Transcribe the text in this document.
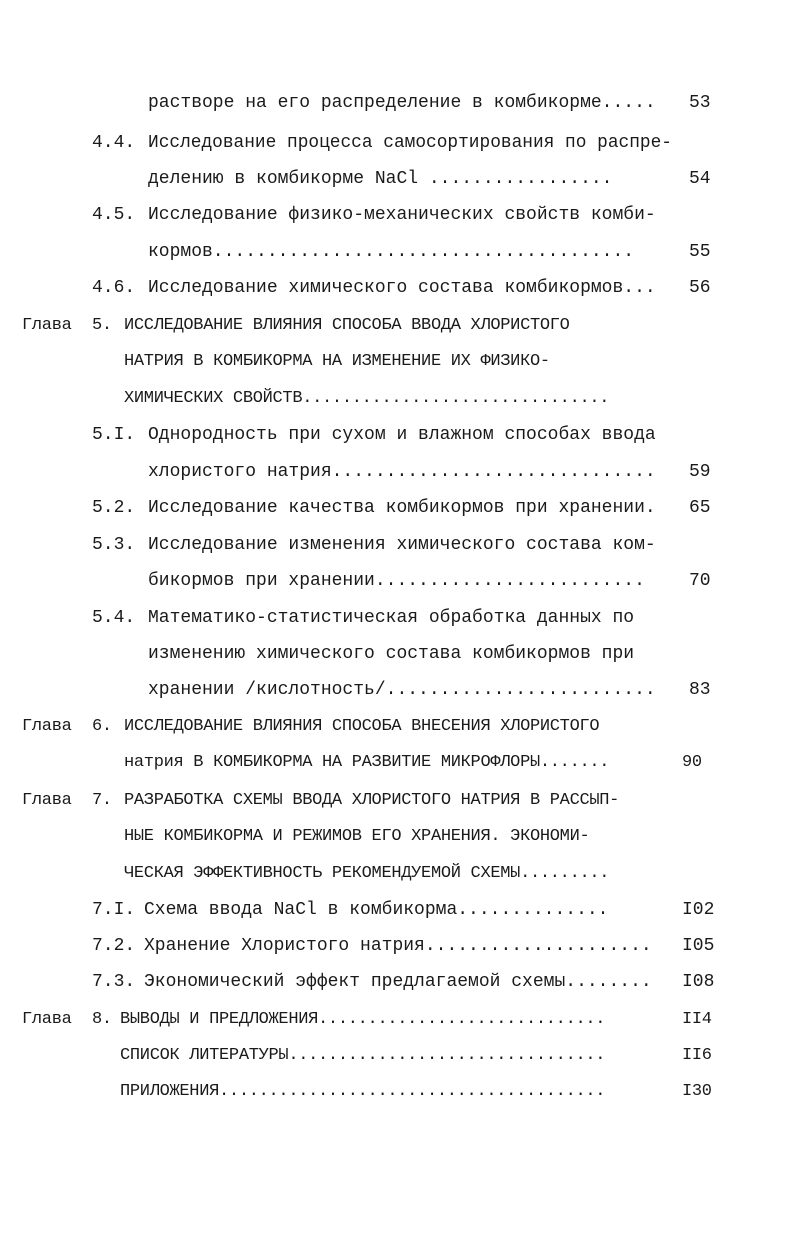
растворе на его распределение в комбикорме..... 53
4.4. Исследование процесса самосортирования по распре-
делению в комбикорме NaCl .................	54
4.5. Исследование физико-механических свойств комби-
кормов.......................................	55
4.6. Исследование химического состава комбикормов... 56
Глава 5. ИССЛЕДОВАНИЕ ВЛИЯНИЯ СПОСОБА ВВОДА ХЛОРИСТОГО
НАТРИЯ В КОМБИКОРМА НА ИЗМЕНЕНИЕ ИХ ФИЗИКО-
ХИМИЧЕСКИХ СВОЙСТВ...............................
5.I. Однородность при сухом и влажном способах ввода
хлористого натрия.............................. 59
5.2. Исследование качества комбикормов при хранении. 65
5.3. Исследование изменения химического состава ком-
бикормов при хранении......................... 70
5.4. Математико-статистическая обработка данных по
изменению химического состава комбикормов при
хранении /кислотность/......................... 83
Глава 6. ИССЛЕДОВАНИЕ ВЛИЯНИЯ СПОСОБА ВНЕСЕНИЯ ХЛОРИСТОГО
натрия В КОМБИКОРМА НА РАЗВИТИЕ МИКРОФЛОРЫ.......	90
Глава 7. РАЗРАБОТКА СХЕМЫ ВВОДА ХЛОРИСТОГО НАТРИЯ В РАССЫП-
НЫЕ КОМБИКОРМА И РЕЖИМОВ ЕГО ХРАНЕНИЯ. ЭКОНОМИ-
ЧЕСКАЯ ЭФФЕКТИВНОСТЬ РЕКОМЕНДУЕМОЙ СХЕМЫ.........
7.I. Схема ввода NaCl в комбикорма..............	I02
7.2. Хранение Хлористого натрия..................... I05
7.3. Экономический эффект предлагаемой схемы........ I08
Глава 8. ВЫВОДЫ И ПРЕДЛОЖЕНИЯ.............................	II4
СПИСОК ЛИТЕРАТУРЫ................................	II6
ПРИЛОЖЕНИЯ.......................................	I30
